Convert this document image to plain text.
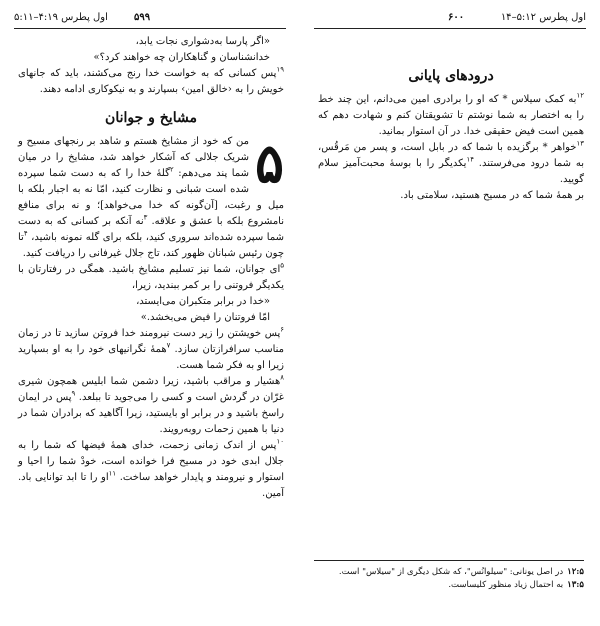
اول پطرس ۴:۱۹–۵:۱۱	۵۹۹
«اگر پارسا به‌دشواری نجات یابد،
خدانشناسان و گناهکاران چه خواهند کرد؟»

$^{۱۹}$پس کسانی که به خواست خدا رنج می‌کشند، باید که جانهای خویش را به ‹خالق امین› بسپارند و به نیکوکاری ادامه دهند.

مشایخ و جوانان
۵

من که خود از مشایخ هستم و شاهد بر رنجهای مسیح و شریک جلالی که آشکار خواهد شد، مشایخ را در میان شما پند می‌دهم: $^۲$گلهٔ خدا را که به دست شما سپرده شده است شبانی و نظارت کنید، امّا نه به اجبار بلکه با میل و رغبت، [آن‌گونه که خدا می‌خواهد]؛ و نه برای منافع نامشروع بلکه با عشق و علاقه. $^۳$نه آنکه بر کسانی که به دست شما سپرده شده‌اند سروری کنید، بلکه برای گله نمونه باشید، $^۴$تا چون رئیس شبانان ظهور کند، تاج جلال غیرفانی را دریافت کنید.

$^۵$ای جوانان، شما نیز تسلیم مشایخ باشید. همگی در رفتارتان با یکدیگر فروتنی را بر کمر ببندید، زیرا،

«خدا در برابر متکبران می‌ایستد،
امّا فروتنان را فیض می‌بخشد.»

$^۶$پس خویشتن را زیر دست نیرومند خدا فروتن سازید تا در زمان مناسب سرافرازتان سازد. $^۷$همهٔ نگرانیهای خود را به او بسپارید زیرا او به فکر شما هست.

$^۸$هشیار و مراقب باشید، زیرا دشمن شما ابلیس همچون شیری غرّان در گردش است و کسی را می‌جوید تا ببلعد. $^۹$پس در ایمان راسخ باشید و در برابر او بایستید، زیرا آگاهید که برادران شما در دنیا با همین زحمات روبه‌رویند.

$^{۱۰}$پس از اندک زمانی زحمت، خدای همهٔ فیضها که شما را به جلال ابدی خود در مسیح فرا خوانده است، خودْ شما را احیا و استوار و نیرومند و پایدار خواهد ساخت. $^{۱۱}$او را تا ابد توانایی باد. آمین.

اول پطرس ۵:۱۲–۱۴
۶۰۰
درودهای پایانی

$^{۱۲}$به کمک سیلاس * که او را برادری امین می‌دانم، این چند خط را به اختصار به شما نوشتم تا تشویقتان کنم و شهادت دهم که همین است فیض حقیقی خدا. در آن استوار بمانید.

$^{۱۳}$خواهر * برگزیده با شما که در بابل است، و پسر من مَرقُس، به شما درود می‌فرستند. $^{۱۴}$یکدیگر را با بوسهٔ محبت‌آمیز سلام گویید.

بر همهٔ شما که در مسیح هستید، سلامتی باد.

۱۲:۵در اصل یونانی: "سیلوانُس"، که شکل دیگری از "سیلاس" است.
۱۳:۵به احتمال زیاد منظور کلیساست.
